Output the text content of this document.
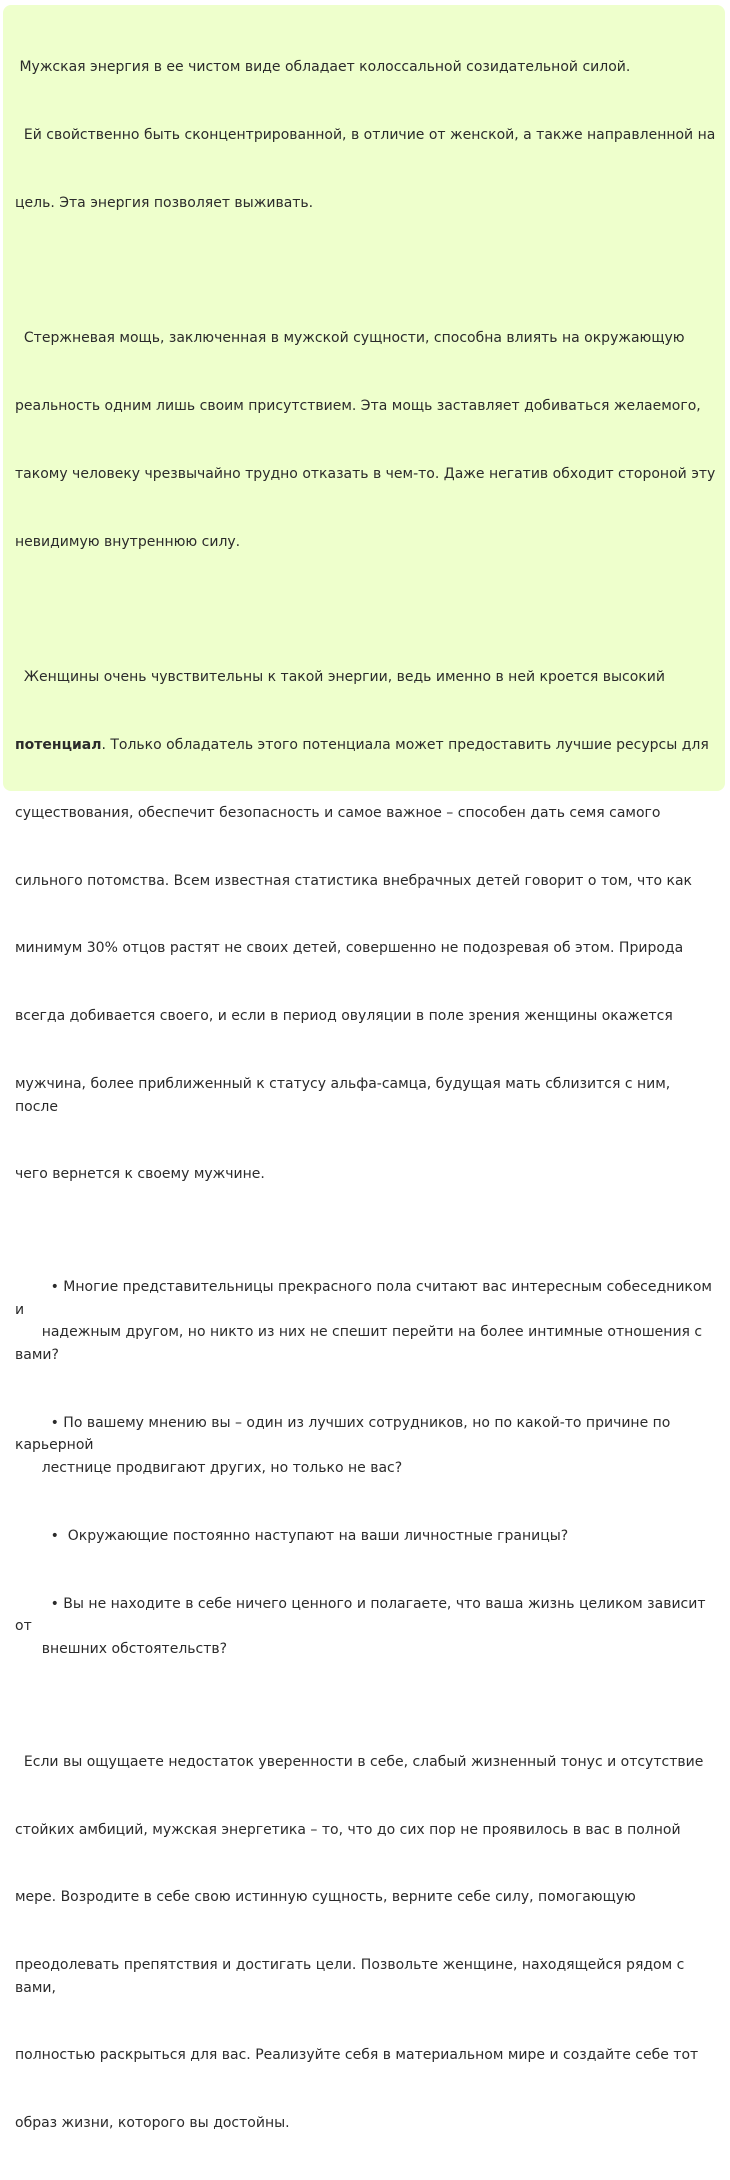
Мужская энергия в ее чистом виде обладает колоссальной созидательной силой.

Ей свойственно быть сконцентрированной, в отличие от женской, а также направленной на

цель. Эта энергия позволяет выживать.

Стержневая мощь, заключенная в мужской сущности, способна влиять на окружающую

реальность одним лишь своим присутствием. Эта мощь заставляет добиваться желаемого,

такому человеку чрезвычайно трудно отказать в чем-то. Даже негатив обходит стороной эту

невидимую внутреннюю силу.

Женщины очень чувствительны к такой энергии, ведь именно в ней кроется высокий

потенциал. Только обладатель этого потенциала может предоставить лучшие ресурсы для

существования, обеспечит безопасность и самое важное – способен дать семя самого

сильного потомства. Всем известная статистика внебрачных детей говорит о том, что как

минимум 30% отцов растят не своих детей, совершенно не подозревая об этом. Природа

всегда добивается своего, и если в период овуляции в поле зрения женщины окажется

мужчина, более приближенный к статусу альфа-самца, будущая мать сблизится с ним, после

чего вернется к своему мужчине.

• Многие представительницы прекрасного пола считают вас интересным собеседником и
надежным другом, но никто из них не спешит перейти на более интимные отношения с вами?

• По вашему мнению вы – один из лучших сотрудников, но по какой-то причине по карьерной
лестнице продвигают других, но только не вас?

•  Окружающие постоянно наступают на ваши личностные границы?

• Вы не находите в себе ничего ценного и полагаете, что ваша жизнь целиком зависит от
внешних обстоятельств?

Если вы ощущаете недостаток уверенности в себе, слабый жизненный тонус и отсутствие

стойких амбиций, мужская энергетика – то, что до сих пор не проявилось в вас в полной

мере. Возродите в себе свою истинную сущность, верните себе силу, помогающую

преодолевать препятствия и достигать цели. Позвольте женщине, находящейся рядом с вами,

полностью раскрыться для вас. Реализуйте себя в материальном мире и создайте себе тот

образ жизни, которого вы достойны.
